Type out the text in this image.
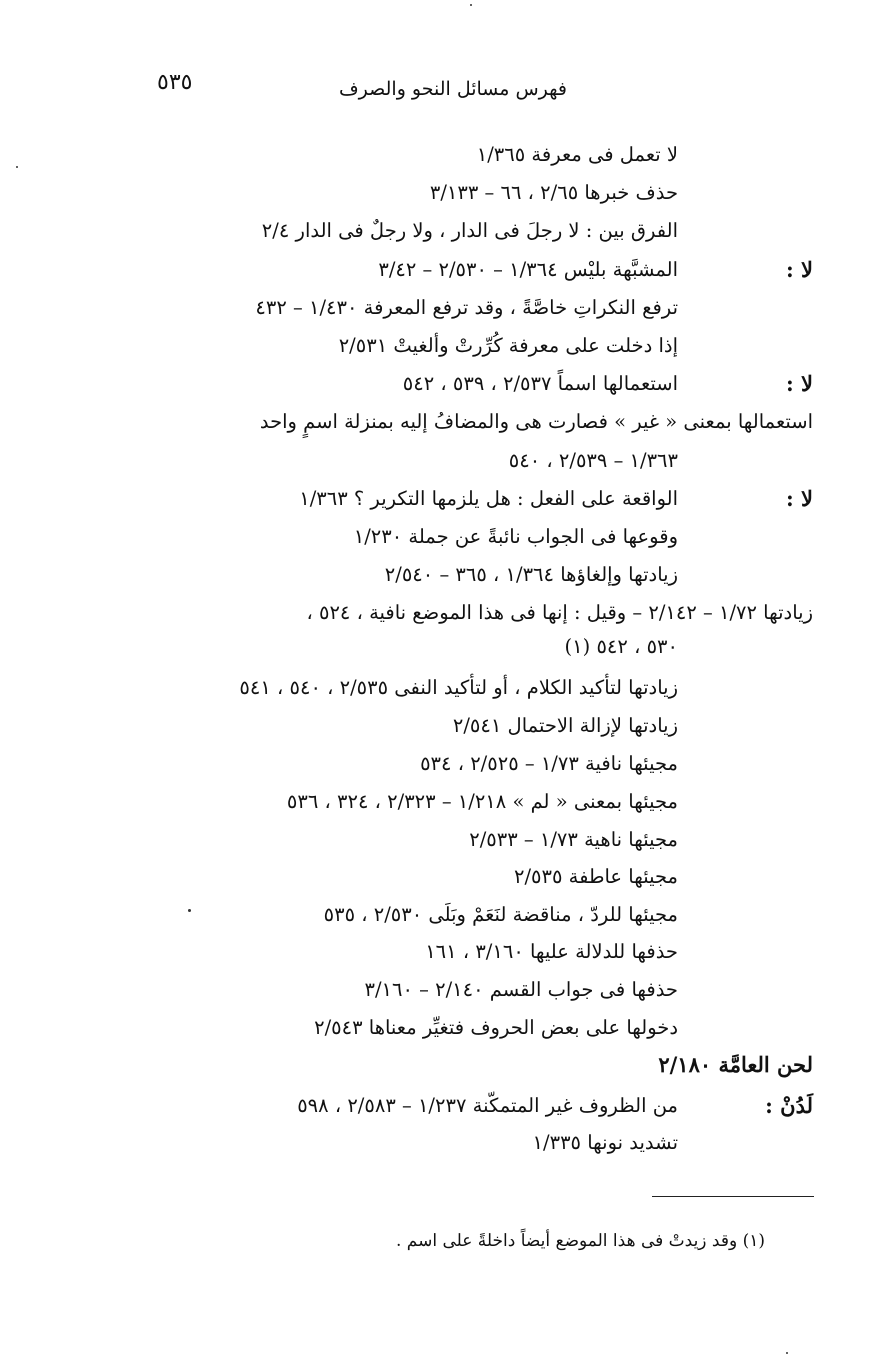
٥٣٥	فهرس مسائل النحو والصرف
لا تعمل فى معرفة ١/٣٦٥
حذف خبرها ٢/٦٥ ، ٦٦ – ٣/١٣٣
الفرق بين : لا رجلَ فى الدار ، ولا رجلٌ فى الدار ٢/٤
لا :
المشبَّهة بليْس ١/٣٦٤ – ٢/٥٣٠ – ٣/٤٢
ترفع النكراتِ خاصَّةً ، وقد ترفع المعرفة ١/٤٣٠ – ٤٣٢
إذا دخلت على معرفة كُرِّرتْ وألغيتْ ٢/٥٣١
لا :
استعمالها اسماً ٢/٥٣٧ ، ٥٣٩ ، ٥٤٢
استعمالها بمعنى « غير » فصارت هى والمضافُ إليه بمنزلة اسمٍ واحد
١/٣٦٣ – ٢/٥٣٩ ، ٥٤٠
لا :
الواقعة على الفعل : هل يلزمها التكرير ؟ ١/٣٦٣
وقوعها فى الجواب نائبةً عن جملة ١/٢٣٠
زيادتها وإلغاؤها ١/٣٦٤ ، ٣٦٥ – ٢/٥٤٠
زيادتها ١/٧٢ – ٢/١٤٢ – وقيل : إنها فى هذا الموضع نافية ، ٥٢٤ ،
٥٣٠ ، ٥٤٢ (١)
زيادتها لتأكيد الكلام ، أو لتأكيد النفى ٢/٥٣٥ ، ٥٤٠ ، ٥٤١
زيادتها لإزالة الاحتمال ٢/٥٤١
مجيئها نافية ١/٧٣ – ٢/٥٢٥ ، ٥٣٤
مجيئها بمعنى « لم » ١/٢١٨ – ٢/٣٢٣ ، ٣٢٤ ، ٥٣٦
مجيئها ناهية ١/٧٣ – ٢/٥٣٣
مجيئها عاطفة ٢/٥٣٥
مجيئها للردّ ، مناقضة لنَعَمْ وبَلَى ٢/٥٣٠ ، ٥٣٥
حذفها للدلالة عليها ٣/١٦٠ ، ١٦١
حذفها فى جواب القسم ٢/١٤٠ – ٣/١٦٠
دخولها على بعض الحروف فتغيِّر معناها ٢/٥٤٣
لحن العامَّة ٢/١٨٠
لَدُنْ :
من الظروف غير المتمكّنة ١/٢٣٧ – ٢/٥٨٣ ، ٥٩٨
تشديد نونها ١/٣٣٥
(١) وقد زيدتْ فى هذا الموضع أيضاً داخلةً على اسم .
